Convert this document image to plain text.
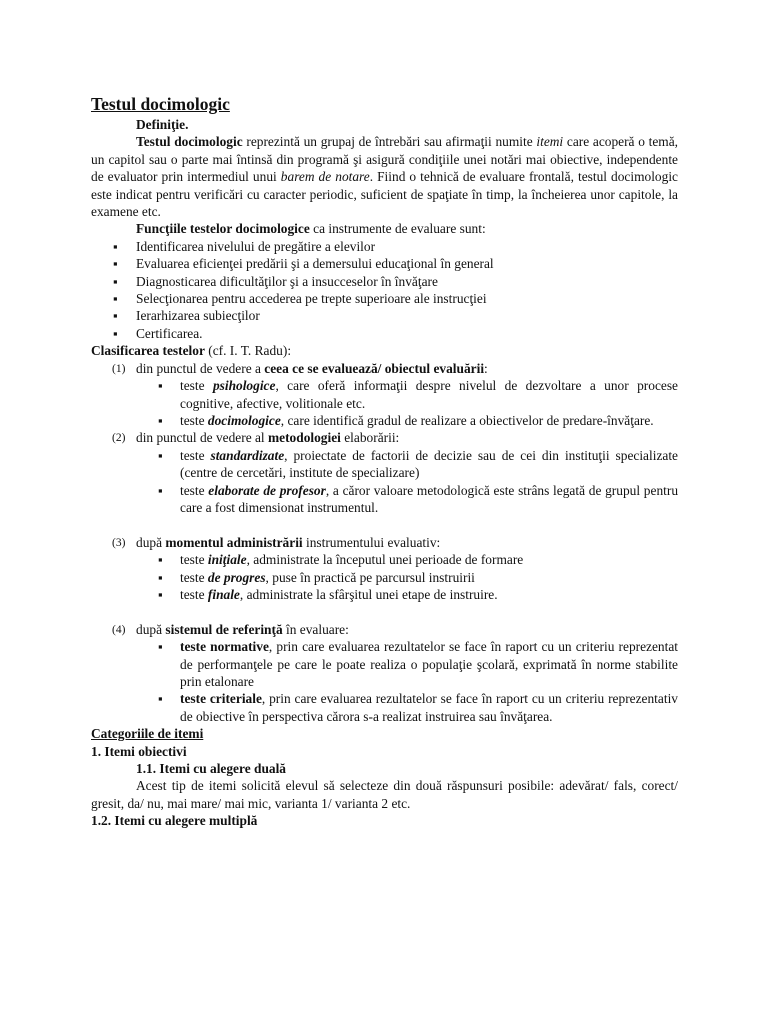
Testul docimologic

Definiţie.

Testul docimologic reprezintă un grupaj de întrebări sau afirmaţii numite itemi care acoperă o temă, un capitol sau o parte mai întinsă din programă şi asigură condiţiile unei notări mai obiective, independente de evaluator prin intermediul unui barem de notare. Fiind o tehnică de evaluare frontală, testul docimologic este indicat pentru verificări cu caracter periodic, suficient de spaţiate în timp, la încheierea unor capitole, la examene etc.

Funcţiile testelor docimologice ca instrumente de evaluare sunt:

▪ Identificarea nivelului de pregătire a elevilor
▪ Evaluarea eficienţei predării şi a demersului educaţional în general
▪ Diagnosticarea dificultăţilor şi a insucceselor în învăţare
▪ Selecţionarea pentru accederea pe trepte superioare ale instrucţiei
▪ Ierarhizarea subiecţilor
▪ Certificarea.

Clasificarea testelor (cf. I. T. Radu):

(1) din punctul de vedere a ceea ce se evaluează/ obiectul evaluării:
▪ teste psihologice, care oferă informaţii despre nivelul de dezvoltare a unor procese cognitive, afective, volitionale etc.
▪ teste docimologice, care identifică gradul de realizare a obiectivelor de predare-învăţare.
(2) din punctul de vedere al metodologiei elaborării:
▪ teste standardizate, proiectate de factorii de decizie sau de cei din instituţii specializate (centre de cercetări, institute de specializare)
▪ teste elaborate de profesor, a căror valoare metodologică este strâns legată de grupul pentru care a fost dimensionat instrumentul.
(3) după momentul administrării instrumentului evaluativ:
▪ teste iniţiale, administrate la începutul unei perioade de formare
▪ teste de progres, puse în practică pe parcursul instruirii
▪ teste finale, administrate la sfârşitul unei etape de instruire.
(4) după sistemul de referinţă în evaluare:
▪ teste normative, prin care evaluarea rezultatelor se face în raport cu un criteriu reprezentat de performanţele pe care le poate realiza o populaţie şcolară, exprimată în norme stabilite prin etalonare
▪ teste criteriale, prin care evaluarea rezultatelor se face în raport cu un criteriu reprezentativ de obiective în perspectiva cărora s-a realizat instruirea sau învăţarea.

Categoriile de itemi

1. Itemi obiectivi

1.1. Itemi cu alegere duală

Acest tip de itemi solicită elevul să selecteze din două răspunsuri posibile: adevărat/ fals, corect/ gresit, da/ nu, mai mare/ mai mic, varianta 1/ varianta 2 etc.

1.2. Itemi cu alegere multiplă
